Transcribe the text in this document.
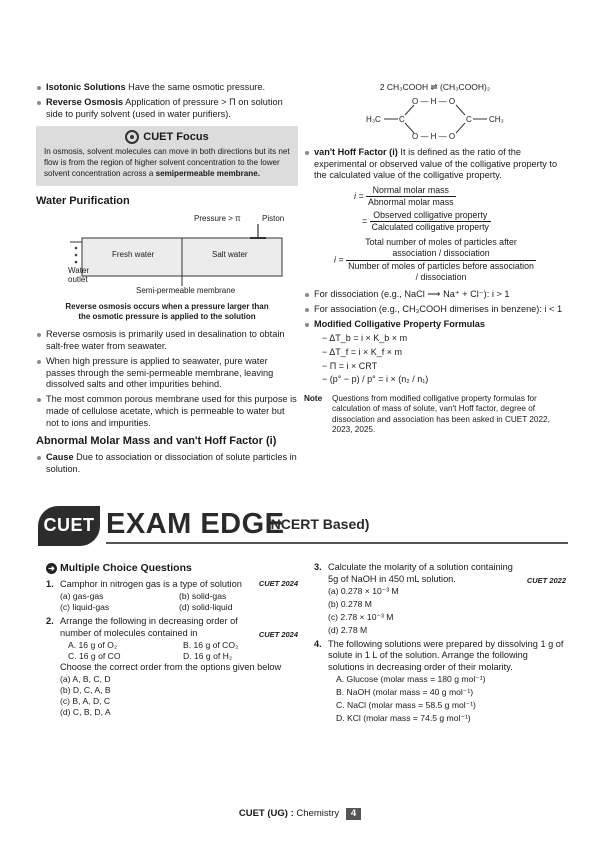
Isotonic Solutions Have the same osmotic pressure.
Reverse Osmosis Application of pressure > Π on solution side to purify solvent (used in water purifiers).
CUET Focus
In osmosis, solvent molecules can move in both directions but its net flow is from the region of higher solvent concentration to the lower solvent concentration across a semipermeable membrane.
Water Purification
Pressure > π	Piston
Fresh water	Salt water
Water
outlet
Semi-permeable membrane
Reverse osmosis occurs when a pressure larger than
the osmotic pressure is applied to the solution
Reverse osmosis is primarily used in desalination to obtain salt-free water from seawater.
When high pressure is applied to seawater, pure water passes through the semi-permeable membrane, leaving dissolved salts and other impurities behind.
The most common porous membrane used for this purpose is made of cellulose acetate, which is permeable to water but not to ions and impurities.
Abnormal Molar Mass and van't Hoff Factor (i)
Cause Due to association or dissociation of solute particles in solution.
2 CH₃COOH ⇌ (CH₃COOH)₂
H₃C C
O — H — O
O — H — O
C CH₃
van't Hoff Factor (i) It is defined as the ratio of the experimental or observed value of the colligative property to the calculated value of the colligative property.
$i = \frac{\text{Normal molar mass}}{\text{Abnormal molar mass}}$
= $\frac{\text{Observed colligative property}}{\text{Calculated colligative property}}$
i =
Total number of moles of particles after association / dissociation
Number of moles of particles before association / dissociation
For dissociation (e.g., NaCl ⟶ Na⁺ + Cl⁻): i > 1
For association (e.g., CH₃COOH dimerises in benzene): i < 1
Modified Colligative Property Formulas
− ΔT_b = i × K_b × m
− ΔT_f = i × K_f × m
− Π = i × CRT
− (p° − p) / p° = i × (n₂ / n₁)
Note	Questions from modified colligative property formulas for calculation of mass of solute, van't Hoff factor, degree of dissociation and association has been asked in CUET 2022, 2023, 2025.
CUET EXAM EDGE
(NCERT Based)
➜ Multiple Choice Questions
1. Camphor in nitrogen gas is a type of solution CUET 2024
(a) gas-gas	(b) solid-gas
(c) liquid-gas	(d) solid-liquid
2. Arrange the following in decreasing order of number of molecules contained in	CUET 2024
A. 16 g of O₂	B. 16 g of CO₂
C. 16 g of CO	D. 16 g of H₂
Choose the correct order from the options given below
(a) A, B, C, D
(b) D, C, A, B
(c) B, A, D, C
(d) C, B, D, A
3. Calculate the molarity of a solution containing 5g of NaOH in 450 mL solution.	CUET 2022
(a) 0.278 × 10⁻³ M
(b) 0.278 M
(c) 2.78 × 10⁻³ M
(d) 2.78 M
4. The following solutions were prepared by dissolving 1 g of solute in 1 L of the solution. Arrange the following solutions in decreasing order of their molarity.
A. Glucose (molar mass = 180 g mol⁻¹)
B. NaOH (molar mass = 40 g mol⁻¹)
C. NaCl (molar mass = 58.5 g mol⁻¹)
D. KCl (molar mass = 74.5 g mol⁻¹)
CUET (UG) : Chemistry 4
